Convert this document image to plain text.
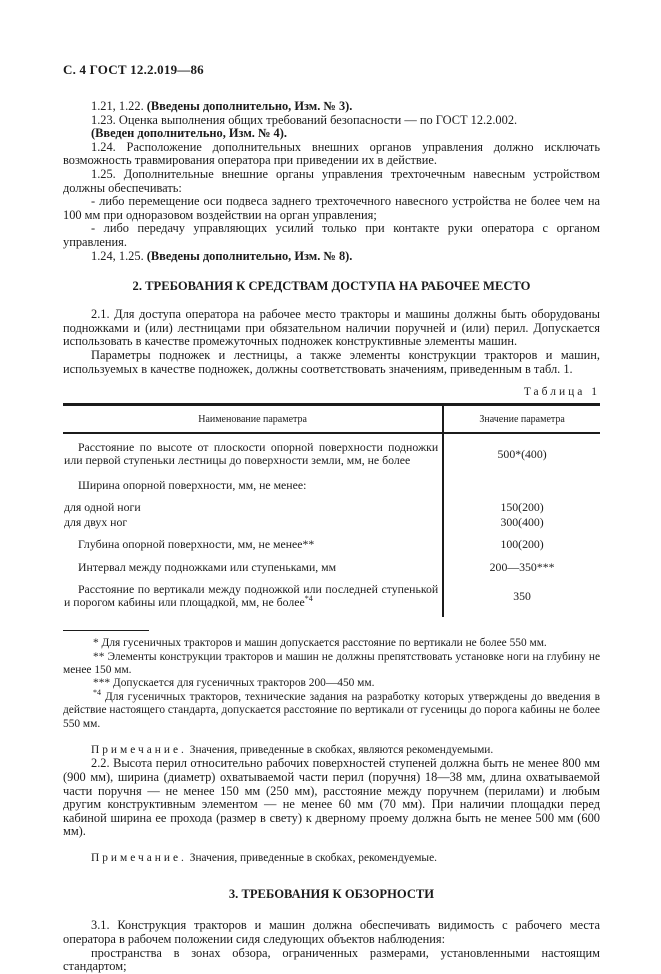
С. 4 ГОСТ 12.2.019—86

1.21, 1.22. (Введены дополнительно, Изм. № 3).

1.23. Оценка выполнения общих требований безопасности — по ГОСТ 12.2.002.

(Введен дополнительно, Изм. № 4).

1.24. Расположение дополнительных внешних органов управления должно исключать возможность травмирования оператора при приведении их в действие.

1.25. Дополнительные внешние органы управления трехточечным навесным устройством должны обеспечивать:

- либо перемещение оси подвеса заднего трехточечного навесного устройства не более чем на 100 мм при одноразовом воздействии на орган управления;

- либо передачу управляющих усилий только при контакте руки оператора с органом управления.

1.24, 1.25. (Введены дополнительно, Изм. № 8).

2. ТРЕБОВАНИЯ К СРЕДСТВАМ ДОСТУПА НА РАБОЧЕЕ МЕСТО

2.1. Для доступа оператора на рабочее место тракторы и машины должны быть оборудованы подножками и (или) лестницами при обязательном наличии поручней и (или) перил. Допускается использовать в качестве промежуточных подножек конструктивные элементы машин.

Параметры подножек и лестницы, а также элементы конструкции тракторов и машин, используемых в качестве подножек, должны соответствовать значениям, приведенным в табл. 1.

Таблица 1
Наименование параметра	Значение параметра
Расстояние по высоте от плоскости опорной поверхности подножки или первой ступеньки лестницы до поверхности земли, мм, не более	500*(400)
Ширина опорной поверхности, мм, не менее:	
для одной ноги	150(200)
для двух ног	300(400)
Глубина опорной поверхности, мм, не менее**	100(200)
Интервал между подножками или ступеньками, мм	200—350***
Расстояние по вертикали между подножкой или последней ступенькой и порогом кабины или площадкой, мм, не более$^{*4}$	350

* Для гусеничных тракторов и машин допускается расстояние по вертикали не более 550 мм.

** Элементы конструкции тракторов и машин не должны препятствовать установке ноги на глубину не менее 150 мм.

*** Допускается для гусеничных тракторов 200—450 мм.

$^{*4}$ Для гусеничных тракторов, технические задания на разработку которых утверждены до введения в действие настоящего стандарта, допускается расстояние по вертикали от гусеницы до порога кабины не более 550 мм.

Примечание. Значения, приведенные в скобках, являются рекомендуемыми.

2.2. Высота перил относительно рабочих поверхностей ступеней должна быть не менее 800 мм (900 мм), ширина (диаметр) охватываемой части перил (поручня) 18—38 мм, длина охватываемой части поручня — не менее 150 мм (250 мм), расстояние между поручнем (перилами) и любым другим конструктивным элементом — не менее 60 мм (70 мм). При наличии площадки перед кабиной ширина ее прохода (размер в свету) к дверному проему должна быть не менее 500 мм (600 мм).

Примечание. Значения, приведенные в скобках, рекомендуемые.

3. ТРЕБОВАНИЯ К ОБЗОРНОСТИ

3.1. Конструкция тракторов и машин должна обеспечивать видимость с рабочего места оператора в рабочем положении сидя следующих объектов наблюдения:

пространства в зонах обзора, ограниченных размерами, установленными настоящим стандартом;
